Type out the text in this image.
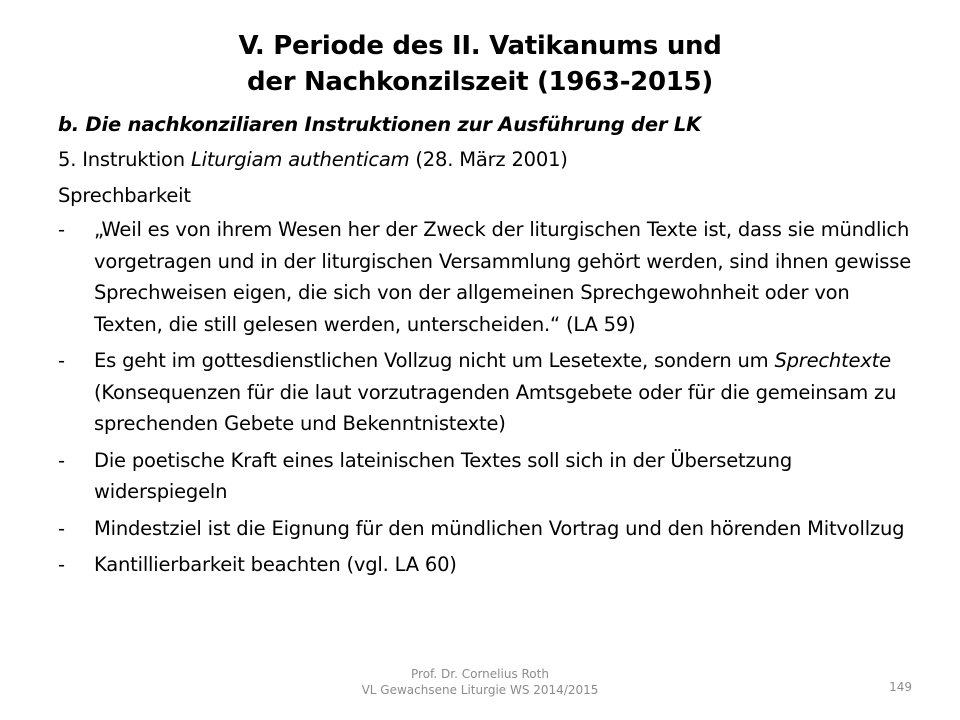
V. Periode des II. Vatikanums und
der Nachkonzilszeit (1963-2015)

b. Die nachkonziliaren Instruktionen zur Ausführung der LK

5. Instruktion Liturgiam authenticam (28. März 2001)

Sprechbarkeit

- „Weil es von ihrem Wesen her der Zweck der liturgischen Texte ist, dass sie mündlich vorgetragen und in der liturgischen Versammlung gehört werden, sind ihnen gewisse Sprechweisen eigen, die sich von der allgemeinen Sprechgewohnheit oder von Texten, die still gelesen werden, unterscheiden.“ (LA 59)
- Es geht im gottesdienstlichen Vollzug nicht um Lesetexte, sondern um Sprechtexte (Konsequenzen für die laut vorzutragenden Amtsgebete oder für die gemeinsam zu sprechenden Gebete und Bekenntnistexte)
- Die poetische Kraft eines lateinischen Textes soll sich in der Übersetzung widerspiegeln
- Mindestziel ist die Eignung für den mündlichen Vortrag und den hörenden Mitvollzug
- Kantillierbarkeit beachten (vgl. LA 60)
Prof. Dr. Cornelius Roth
VL Gewachsene Liturgie WS 2014/2015	149
